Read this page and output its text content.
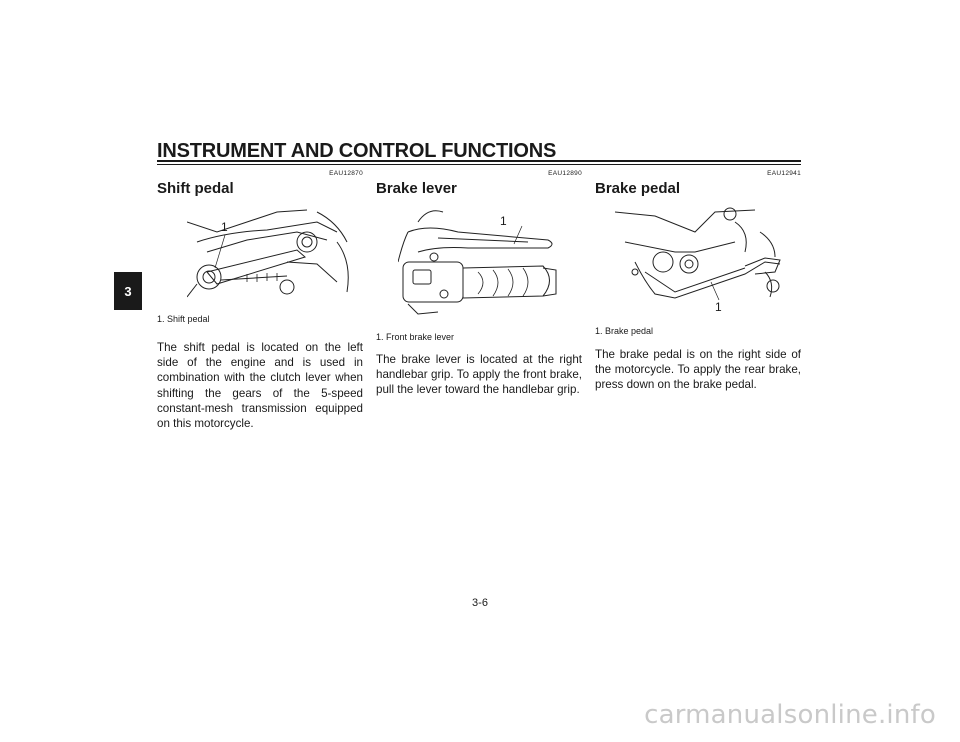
INSTRUMENT AND CONTROL FUNCTIONS
3
EAU12870
Shift pedal
1
1. Shift pedal
The shift pedal is located on the left side of the engine and is used in combination with the clutch lever when shifting the gears of the 5-speed constant-mesh transmission equipped on this motorcycle.
EAU12890
Brake lever
1
1. Front brake lever
The brake lever is located at the right handlebar grip. To apply the front brake, pull the lever toward the handlebar grip.
EAU12941
Brake pedal
1
1. Brake pedal
The brake pedal is on the right side of the motorcycle. To apply the rear brake, press down on the brake pedal.
3-6
carmanualsonline.info
